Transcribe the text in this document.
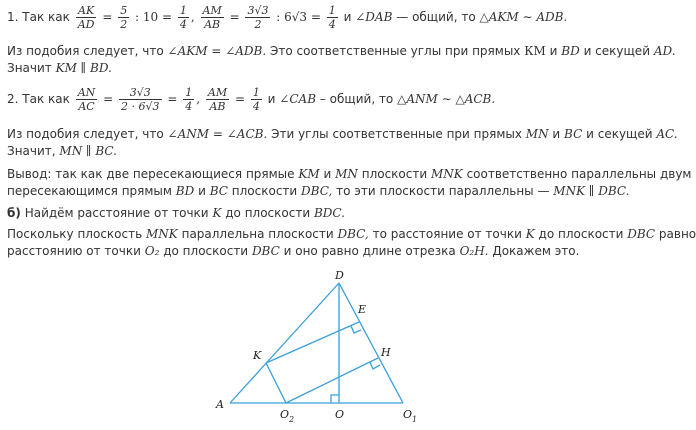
1. Так как $\frac{AK}{AD} = \frac{5}{2}$ : $10 = \frac{1}{4}$ , $\frac{AM}{AB} = \frac{3√3}{2}$ : $6√3 = \frac{1}{4}$ и ∠DAB — общий, то △AKM ∼ ADB.
Из подобия следует, что ∠AKM = ∠ADB. Это соответственные углы при прямых КМ и BD и секущей AD.
Значит KM ∥ BD.
2. Так как $\frac{AN}{AC} = \frac{3√3}{2 \cdot 6√3} = \frac{1}{4}$ , $\frac{AM}{AB} = \frac{1}{4}$ и ∠CAB – общий, то △ANM ∼ △ACB.
Из подобия следует, что ∠ANM = ∠ACB. Эти углы соответственные при прямых MN и BC и секущей AC.
Значит, MN ∥ BC.
Вывод: так как две пересекающиеся прямые KM и MN плоскости MNK соответственно параллельны двум
пересекающимся прямым BD и BC плоскости DBC, то эти плоскости параллельны — MNK ∥ DBC.
б) Найдём расстояние от точки K до плоскости BDC.
Поскольку плоскость MNK параллельна плоскости DBC, то расстояние от точки K до плоскости DBC равно
расстоянию от точки O₂ до плоскости DBC и оно равно длине отрезка O₂H. Докажем это.
D
E
K	H
A
O 2	O	O 1
